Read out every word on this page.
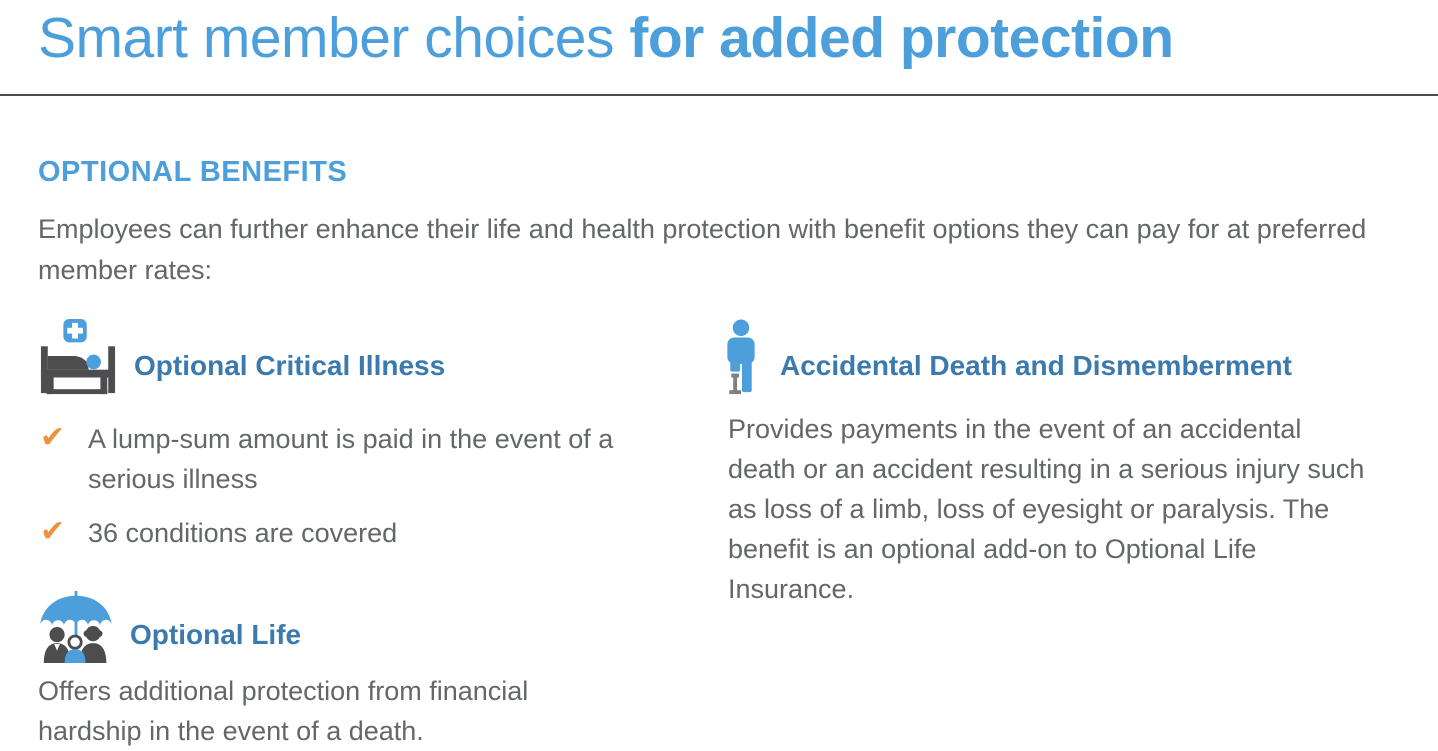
Smart member choices for added protection
OPTIONAL BENEFITS

Employees can further enhance their life and health protection with benefit options they can pay for at preferred member rates:

Optional Critical Illness
✔ A lump-sum amount is paid in the event of a serious illness
✔ 36 conditions are covered
Optional Life

Offers additional protection from financial hardship in the event of a death.

Accidental Death and Dismemberment

Provides payments in the event of an accidental death or an accident resulting in a serious injury such as loss of a limb, loss of eyesight or paralysis. The benefit is an optional add-on to Optional Life Insurance.
